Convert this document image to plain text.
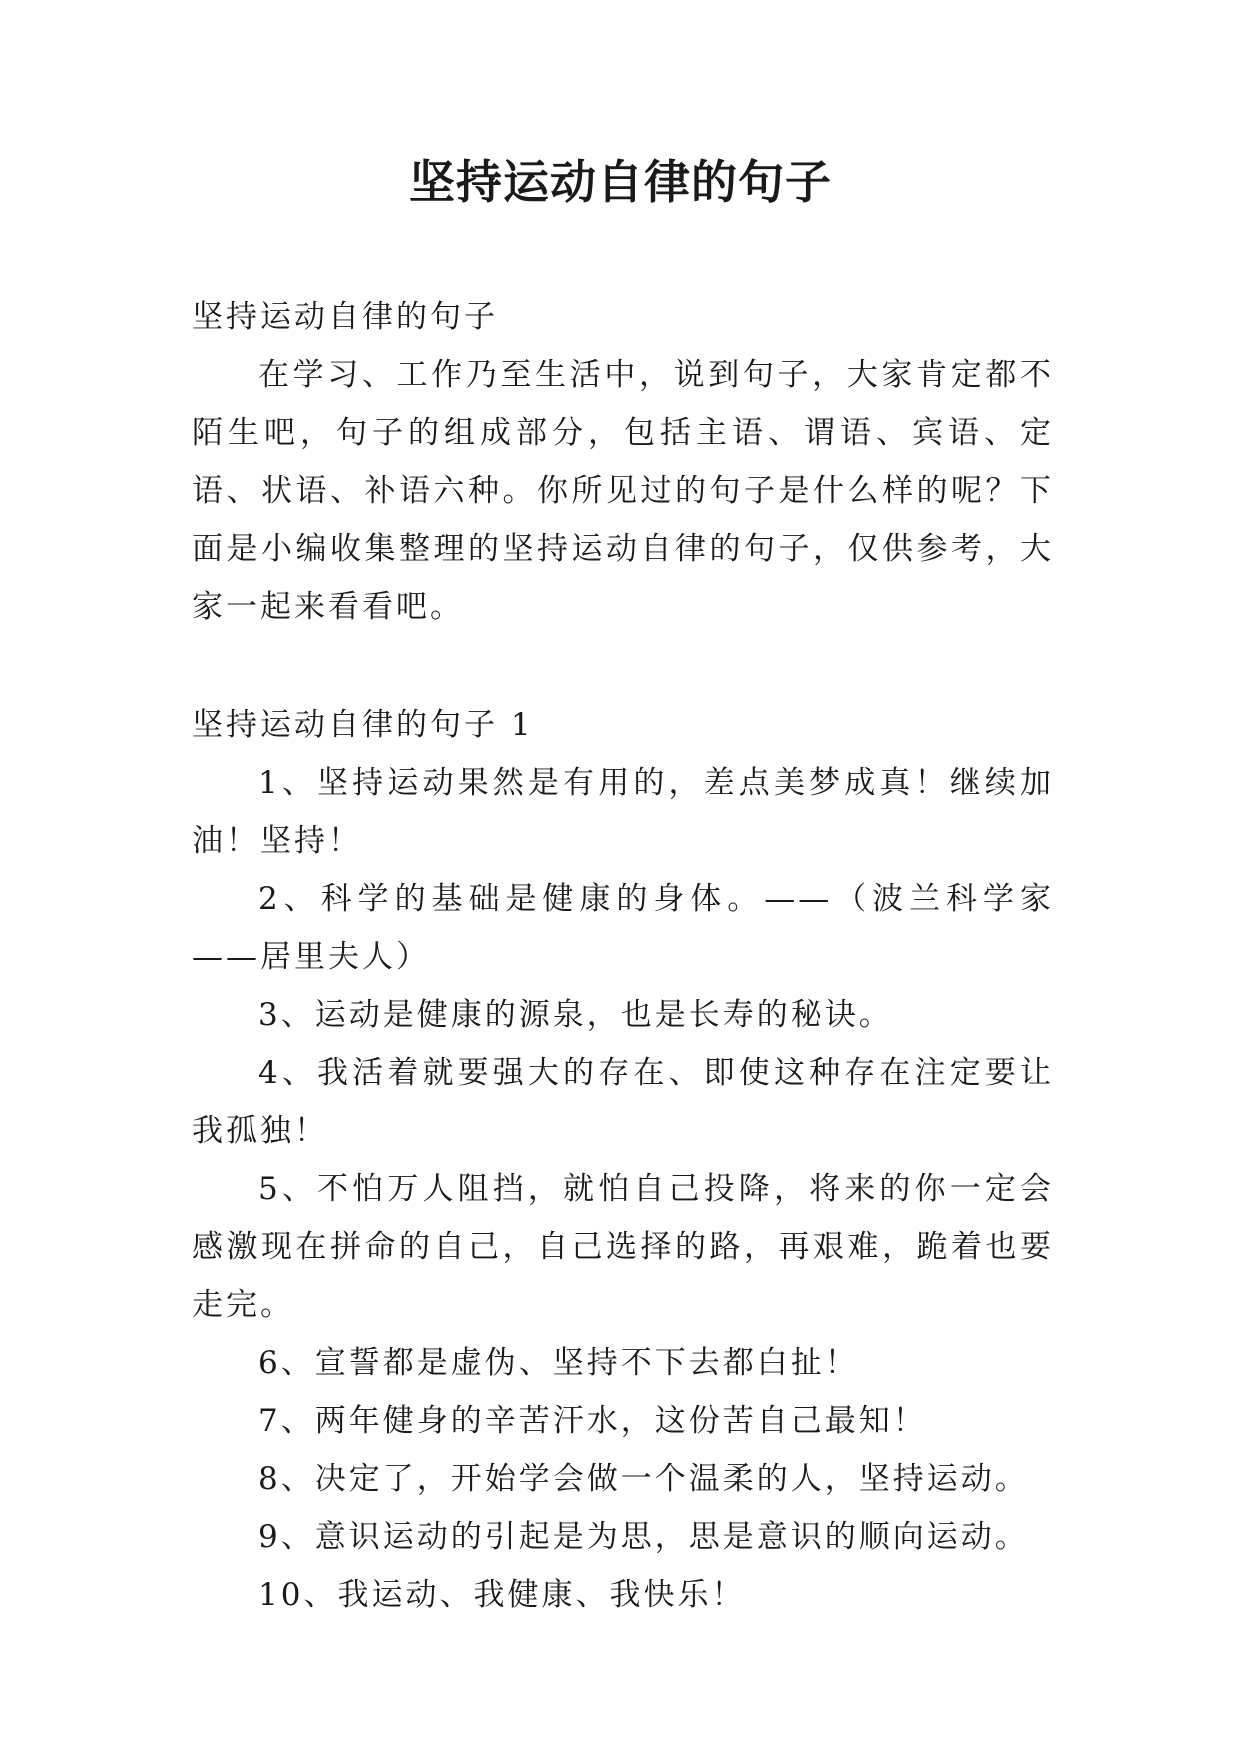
坚持运动自律的句子
坚持运动自律的句子
在学习、工作乃至生活中，说到句子，大家肯定都不陌生吧，句子的组成部分，包括主语、谓语、宾语、定语、状语、补语六种。你所见过的句子是什么样的呢？下面是小编收集整理的坚持运动自律的句子，仅供参考，大家一起来看看吧。
坚持运动自律的句子 1

1、坚持运动果然是有用的，差点美梦成真！继续加油！坚持！

2、科学的基础是健康的身体。——（波兰科学家——居里夫人）

3、运动是健康的源泉，也是长寿的秘诀。

4、我活着就要强大的存在、即使这种存在注定要让我孤独！

5、不怕万人阻挡，就怕自己投降，将来的你一定会感激现在拼命的自己，自己选择的路，再艰难，跪着也要走完。

6、宣誓都是虚伪、坚持不下去都白扯！

7、两年健身的辛苦汗水，这份苦自己最知！

8、决定了，开始学会做一个温柔的人，坚持运动。

9、意识运动的引起是为思，思是意识的顺向运动。

10、我运动、我健康、我快乐！
